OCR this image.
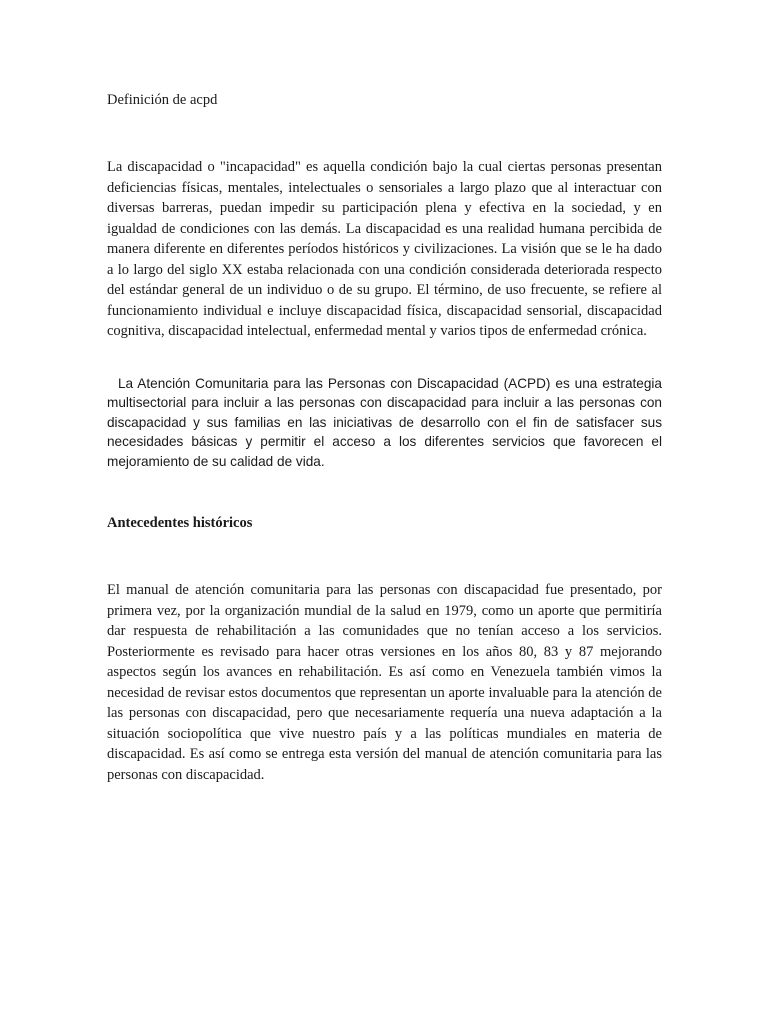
Definición de acpd

La discapacidad o "incapacidad" es aquella condición bajo la cual ciertas personas presentan deficiencias físicas, mentales, intelectuales o sensoriales a largo plazo que al interactuar con diversas barreras, puedan impedir su participación plena y efectiva en la sociedad, y en igualdad de condiciones con las demás. La discapacidad es una realidad humana percibida de manera diferente en diferentes períodos históricos y civilizaciones. La visión que se le ha dado a lo largo del siglo XX estaba relacionada con una condición considerada deteriorada respecto del estándar general de un individuo o de su grupo. El término, de uso frecuente, se refiere al funcionamiento individual e incluye discapacidad física, discapacidad sensorial, discapacidad cognitiva, discapacidad intelectual, enfermedad mental y varios tipos de enfermedad crónica.

La Atención Comunitaria para las Personas con Discapacidad (ACPD) es una estrategia multisectorial para incluir a las personas con discapacidad para incluir a las personas con discapacidad y sus familias en las iniciativas de desarrollo con el fin de satisfacer sus necesidades básicas y permitir el acceso a los diferentes servicios que favorecen el mejoramiento de su calidad de vida.

Antecedentes históricos

El manual de atención comunitaria para las personas con discapacidad fue presentado, por primera vez, por la organización mundial de la salud en 1979, como un aporte que permitiría dar respuesta de rehabilitación a las comunidades que no tenían acceso a los servicios. Posteriormente es revisado para hacer otras versiones en los años 80, 83 y 87 mejorando aspectos según los avances en rehabilitación. Es así como en Venezuela también vimos la necesidad de revisar estos documentos que representan un aporte invaluable para la atención de las personas con discapacidad, pero que necesariamente requería una nueva adaptación a la situación sociopolítica que vive nuestro país y a las políticas mundiales en materia de discapacidad. Es así como se entrega esta versión del manual de atención comunitaria para las personas con discapacidad.
